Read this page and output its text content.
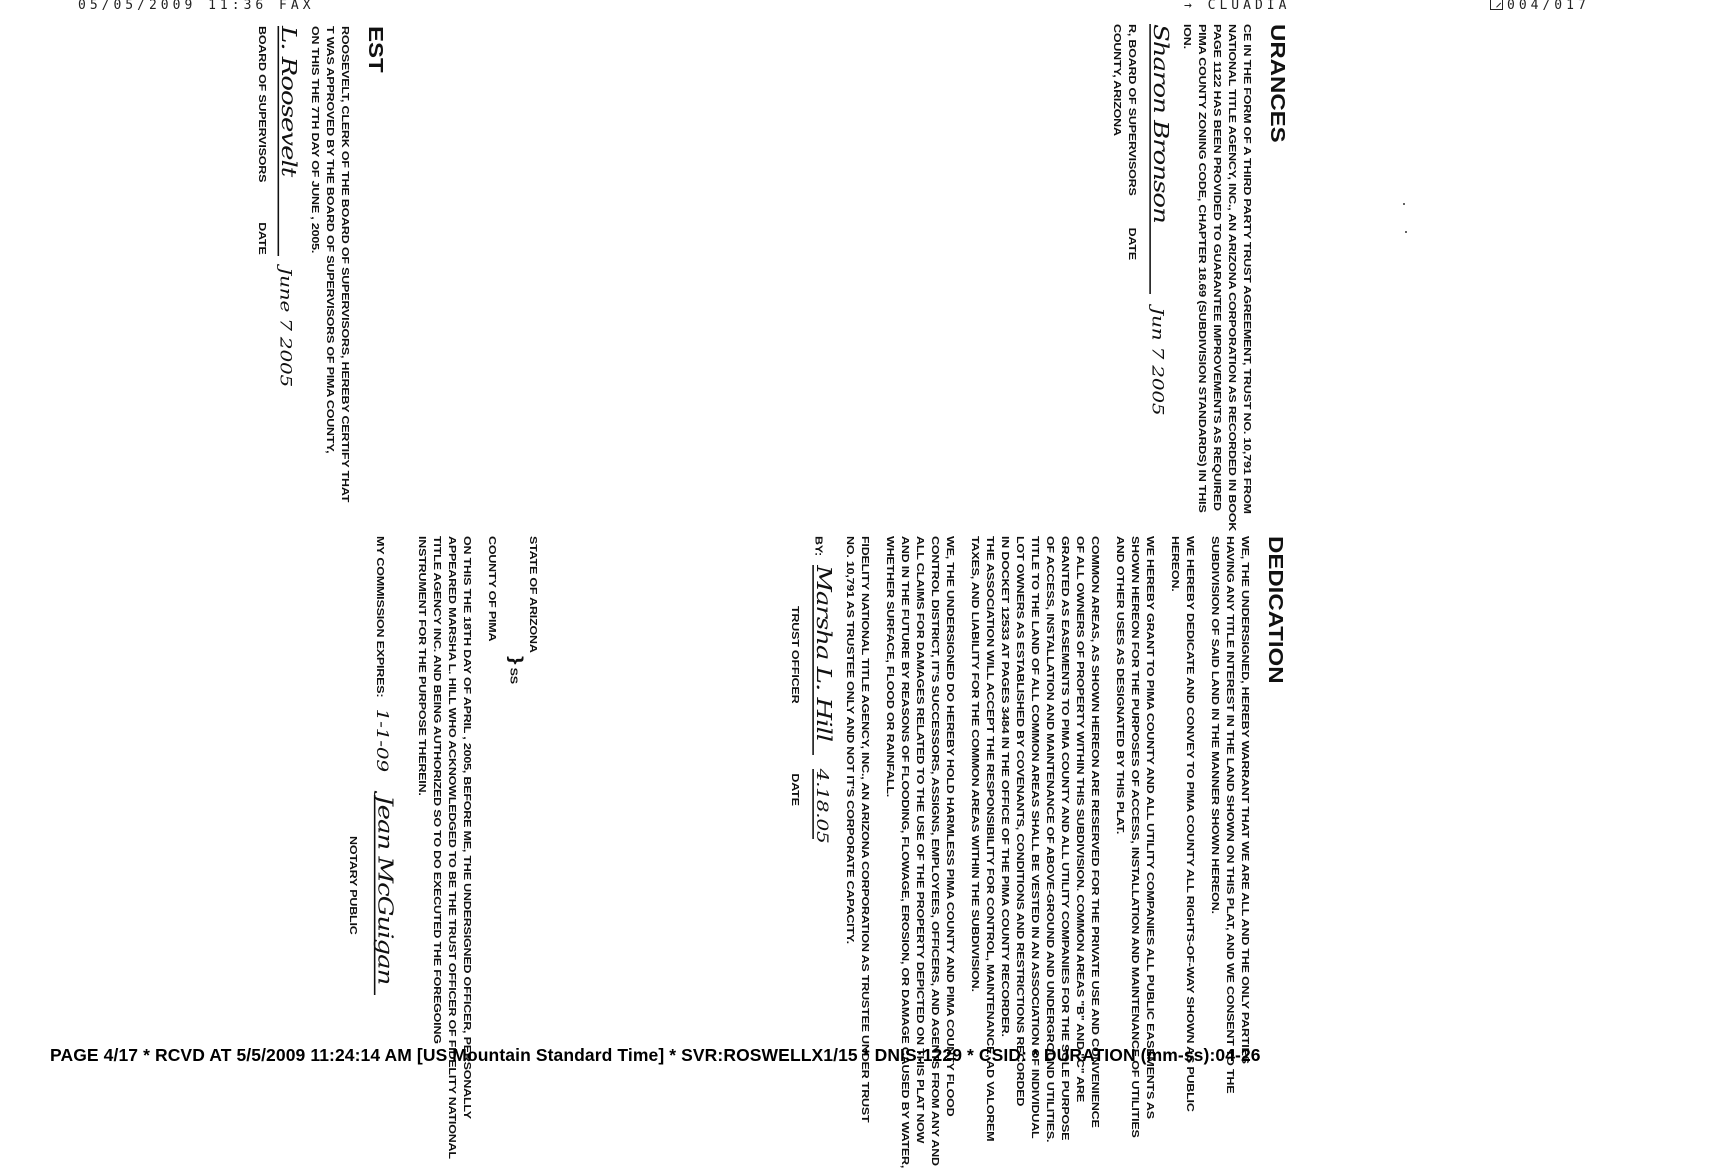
05/05/2009 11:36 FAX	→ CLUADIA	004/017
URANCES
CE IN THE FORM OF A THIRD PARTY TRUST AGREEMENT, TRUST NO. 10,791 FROM
NATIONAL TITLE AGENCY, INC., AN ARIZONA CORPORATION AS RECORDED IN BOOK
PAGE 1122 HAS BEEN PROVIDED TO GUARANTEE IMPROVEMENTS AS REQUIRED
PIMA COUNTY ZONING CODE, CHAPTER 18.69 (SUBDIVISION STANDARDS) IN THIS
ION.
Sharon Bronson Jun 7 2005
R, BOARD OF SUPERVISORSDATE
COUNTY, ARIZONA
EST
ROOSEVELT, CLERK OF THE BOARD OF SUPERVISORS, HEREBY CERTIFY THAT
T WAS APPROVED BY THE BOARD OF SUPERVISORS OF PIMA COUNTY,
ON THIS THE 7TH DAY OF JUNE , 2005.
L. Roosevelt June 7 2005
BOARD OF SUPERVISORSDATE
DEDICATION
WE, THE UNDERSIGNED, HEREBY WARRANT THAT WE ARE ALL AND THE ONLY PARTIES
HAVING ANY TITLE INTEREST IN THE LAND SHOWN ON THIS PLAT, AND WE CONSENT TO THE
SUBDIVISION OF SAID LAND IN THE MANNER SHOWN HEREON.
WE HEREBY DEDICATE AND CONVEY TO PIMA COUNTY ALL RIGHTS-OF-WAY SHOWN AS PUBLIC
HEREON.
WE HEREBY GRANT TO PIMA COUNTY AND ALL UTILITY COMPANIES ALL PUBLIC EASEMENTS AS
SHOWN HEREON FOR THE PURPOSES OF ACCESS, INSTALLATION AND MAINTENANCE OF UTILITIES
AND OTHER USES AS DESIGNATED BY THIS PLAT.
COMMON AREAS, AS SHOWN HEREON ARE RESERVED FOR THE PRIVATE USE AND CONVENIENCE
OF ALL OWNERS OF PROPERTY WITHIN THIS SUBDIVISION. COMMON AREAS "B" AND "C" ARE
GRANTED AS EASEMENTS TO PIMA COUNTY AND ALL UTILITY COMPANIES FOR THE SOLE PURPOSE
OF ACCESS, INSTALLATION AND MAINTENANCE OF ABOVE-GROUND AND UNDERGROUND UTILITIES.
TITLE TO THE LAND OF ALL COMMON AREAS SHALL BE VESTED IN AN ASSOCIATION OF INDIVIDUAL
LOT OWNERS AS ESTABLISHED BY COVENANTS, CONDITIONS AND RESTRICTIONS RECORDED
IN DOCKET 12533 AT PAGES 3484 IN THE OFFICE OF THE PIMA COUNTY RECORDER.
THE ASSOCIATION WILL ACCEPT THE RESPONSIBILITY FOR CONTROL, MAINTENANCE, AD VALOREM
TAXES, AND LIABILITY FOR THE COMMON AREAS WITHIN THE SUBDIVISION.
WE, THE UNDERSIGNED DO HEREBY HOLD HARMLESS PIMA COUNTY AND PIMA COUNTY FLOOD
CONTROL DISTRICT, IT'S SUCCESSORS, ASSIGNS, EMPLOYEES, OFFICERS, AND AGENTS FROM ANY AND
ALL CLAIMS FOR DAMAGES RELATED TO THE USE OF THE PROPERTY DEPICTED ON THIS PLAT NOW
AND IN THE FUTURE BY REASONS OF FLOODING, FLOWAGE, EROSION, OR DAMAGE CAUSED BY WATER,
WHETHER SURFACE, FLOOD OR RAINFALL.
FIDELITY NATIONAL TITLE AGENCY, INC., AN ARIZONA CORPORATION AS TRUSTEE UNDER TRUST
NO. 10,791 AS TRUSTEE ONLY AND NOT IT'S CORPORATE CAPACITY.
BY: Marsha L. Hill 4.18.05
TRUST OFFICERDATE
STATE OF ARIZONA
} SS
COUNTY OF PIMA
ON THIS THE 18TH DAY OF APRIL , 2005, BEFORE ME, THE UNDERSIGNED OFFICER, PERSONALLY
APPEARED MARSHA L. HILL WHO ACKNOWLEDGED TO BE THE TRUST OFFICER OF FIDELITY NATIONAL
TITLE AGENCY INC. AND BEING AUTHORIZED SO TO DO EXECUTED THE FOREGOING
INSTRUMENT FOR THE PURPOSE THEREIN.
MY COMMISSION EXPIRES: 1-1-09 Jean McGuigan
NOTARY PUBLIC
PAGE 4/17 * RCVD AT 5/5/2009 11:24:14 AM [US Mountain Standard Time] * SVR:ROSWELLX1/15 * DNIS:1229 * CSID: * DURATION (mm-ss):04-26
